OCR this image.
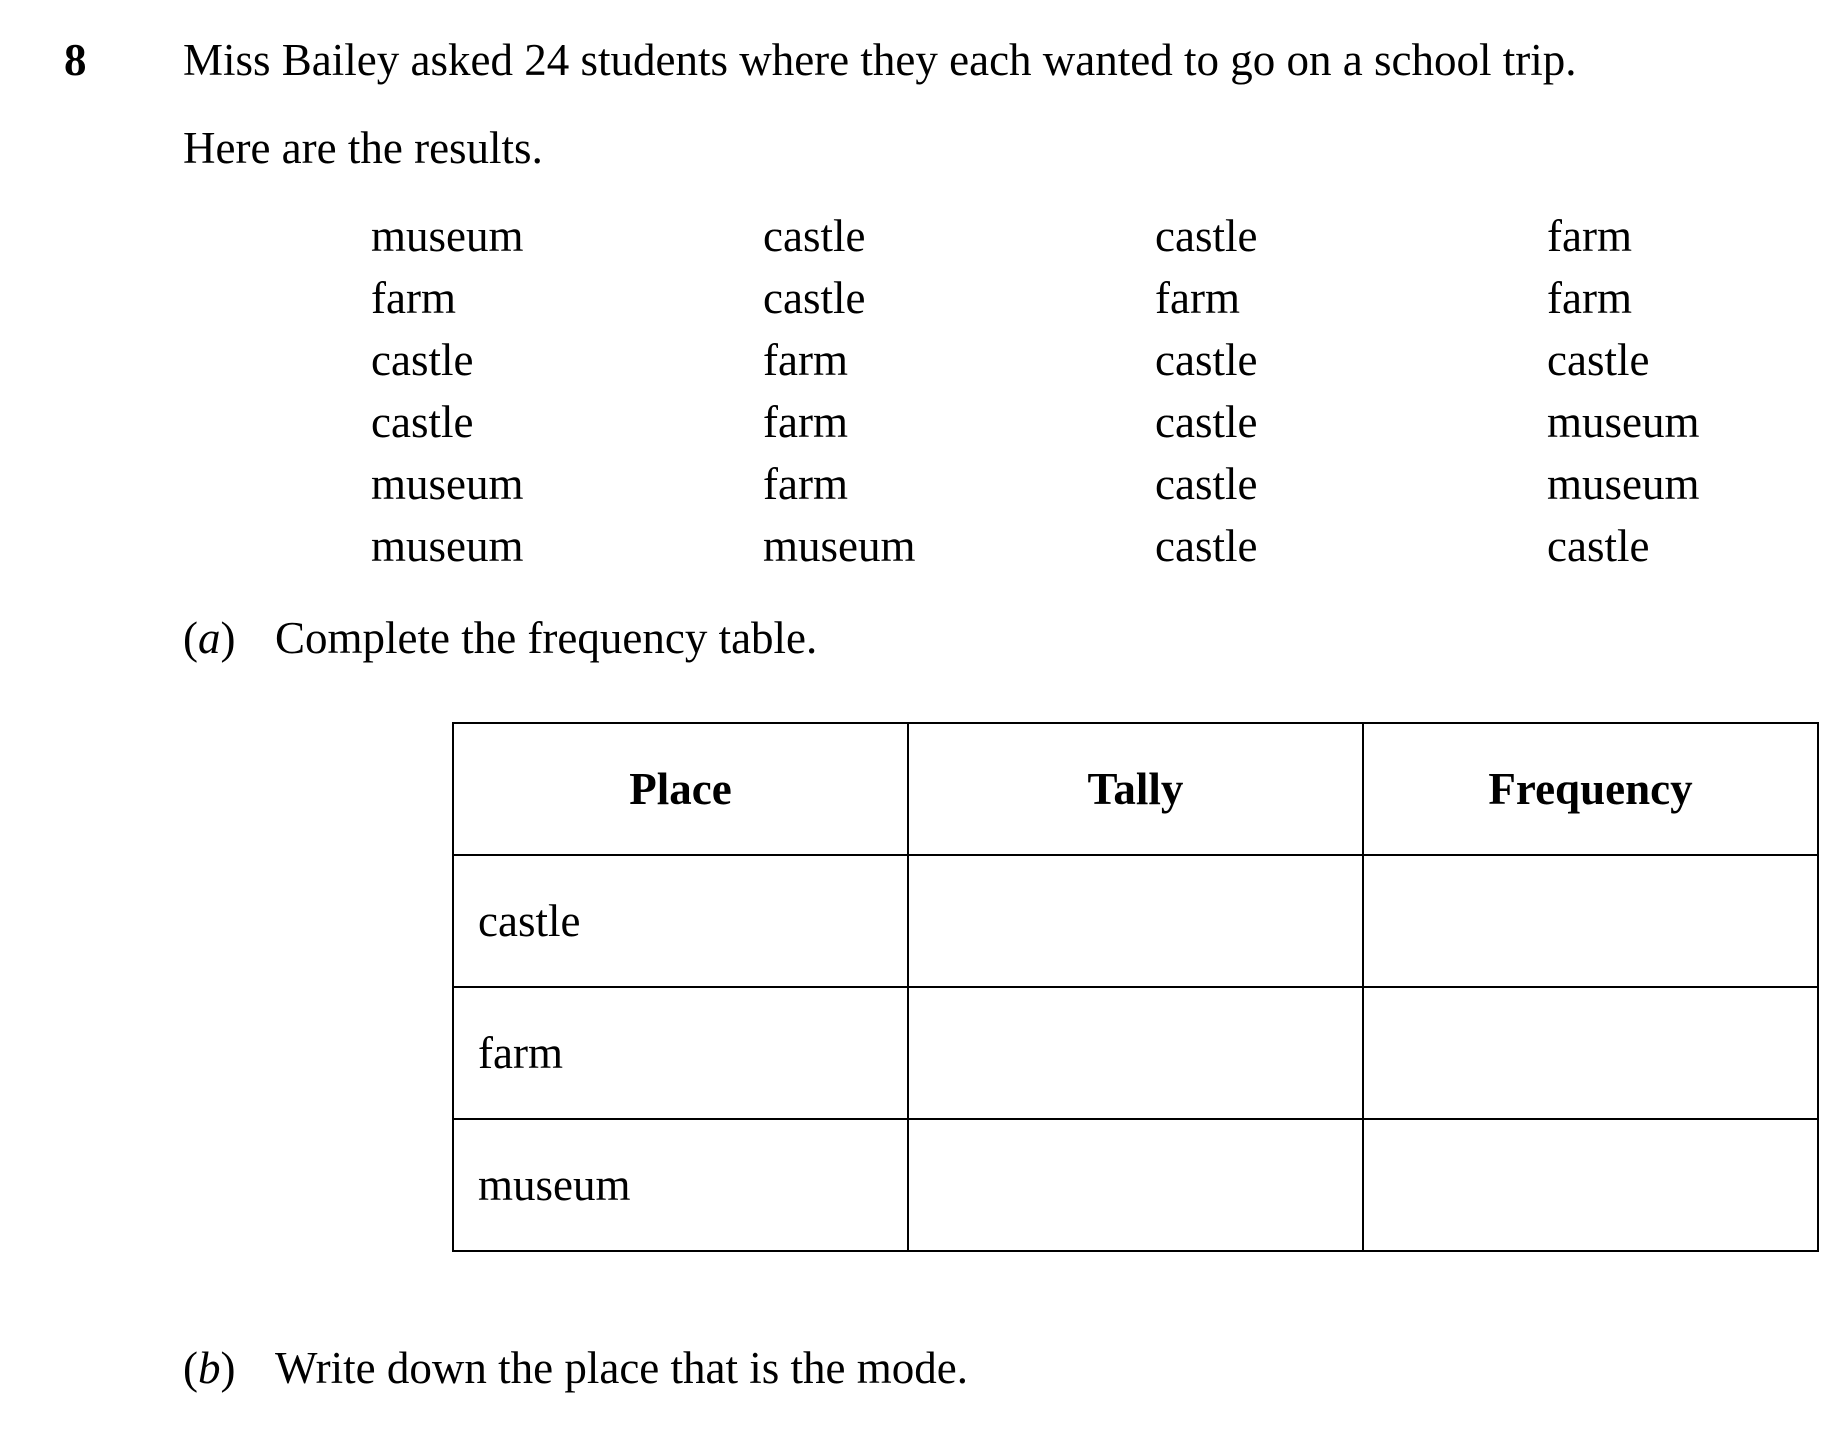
8 Miss Bailey asked 24 students where they each wanted to go on a school trip.
Here are the results.
museum	castle	castle	farm
farm	castle	farm	farm
castle	farm	castle	castle
castle	farm	castle	museum
museum	farm	castle	museum
museum	museum	castle	castle
(a) Complete the frequency table.
Place	Tally	Frequency
castle		
farm		
museum		
(b) Write down the place that is the mode.
